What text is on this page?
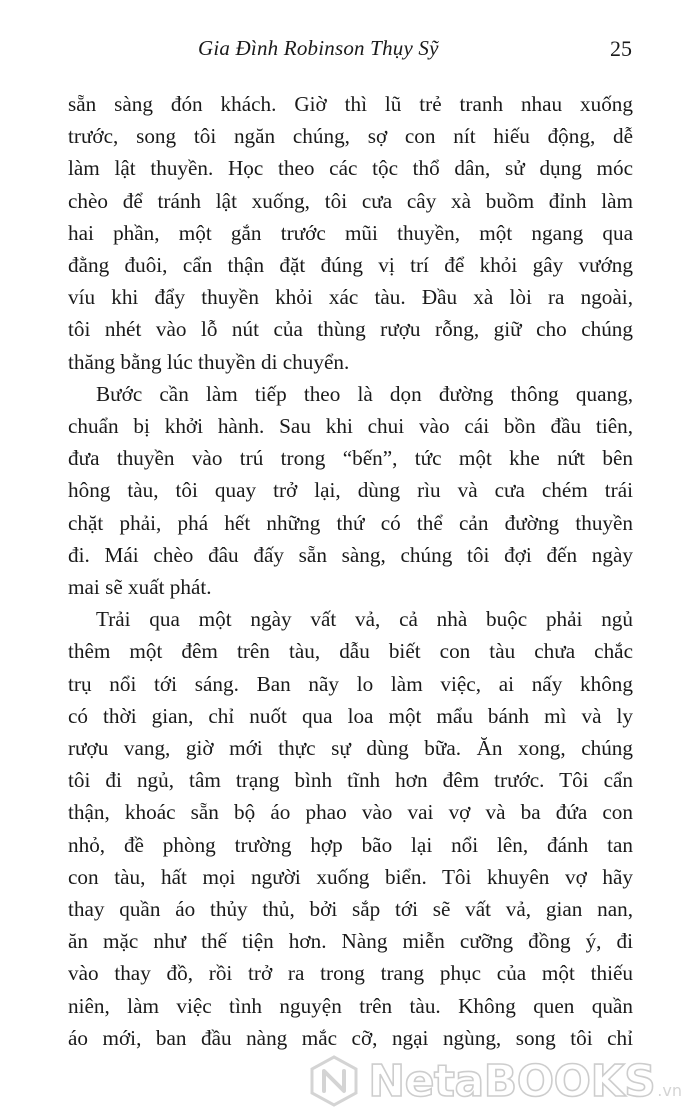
Gia Đình Robinson Thụy Sỹ	25
sẵn sàng đón khách. Giờ thì lũ trẻ tranh nhau xuống
trước, song tôi ngăn chúng, sợ con nít hiếu động, dễ
làm lật thuyền. Học theo các tộc thổ dân, sử dụng móc
chèo để tránh lật xuống, tôi cưa cây xà buồm đỉnh làm
hai phần, một gắn trước mũi thuyền, một ngang qua
đằng đuôi, cẩn thận đặt đúng vị trí để khỏi gây vướng
víu khi đẩy thuyền khỏi xác tàu. Đầu xà lòi ra ngoài,
tôi nhét vào lỗ nút của thùng rượu rỗng, giữ cho chúng
thăng bằng lúc thuyền di chuyển.
Bước cần làm tiếp theo là dọn đường thông quang,
chuẩn bị khởi hành. Sau khi chui vào cái bồn đầu tiên,
đưa thuyền vào trú trong “bến”, tức một khe nứt bên
hông tàu, tôi quay trở lại, dùng rìu và cưa chém trái
chặt phải, phá hết những thứ có thể cản đường thuyền
đi. Mái chèo đâu đấy sẵn sàng, chúng tôi đợi đến ngày
mai sẽ xuất phát.
Trải qua một ngày vất vả, cả nhà buộc phải ngủ
thêm một đêm trên tàu, dẫu biết con tàu chưa chắc
trụ nổi tới sáng. Ban nãy lo làm việc, ai nấy không
có thời gian, chỉ nuốt qua loa một mẩu bánh mì và ly
rượu vang, giờ mới thực sự dùng bữa. Ăn xong, chúng
tôi đi ngủ, tâm trạng bình tĩnh hơn đêm trước. Tôi cẩn
thận, khoác sẵn bộ áo phao vào vai vợ và ba đứa con
nhỏ, đề phòng trường hợp bão lại nổi lên, đánh tan
con tàu, hất mọi người xuống biển. Tôi khuyên vợ hãy
thay quần áo thủy thủ, bởi sắp tới sẽ vất vả, gian nan,
ăn mặc như thế tiện hơn. Nàng miễn cưỡng đồng ý, đi
vào thay đồ, rồi trở ra trong trang phục của một thiếu
niên, làm việc tình nguyện trên tàu. Không quen quần
áo mới, ban đầu nàng mắc cỡ, ngại ngùng, song tôi chỉ
NetaBOOKS .vn
